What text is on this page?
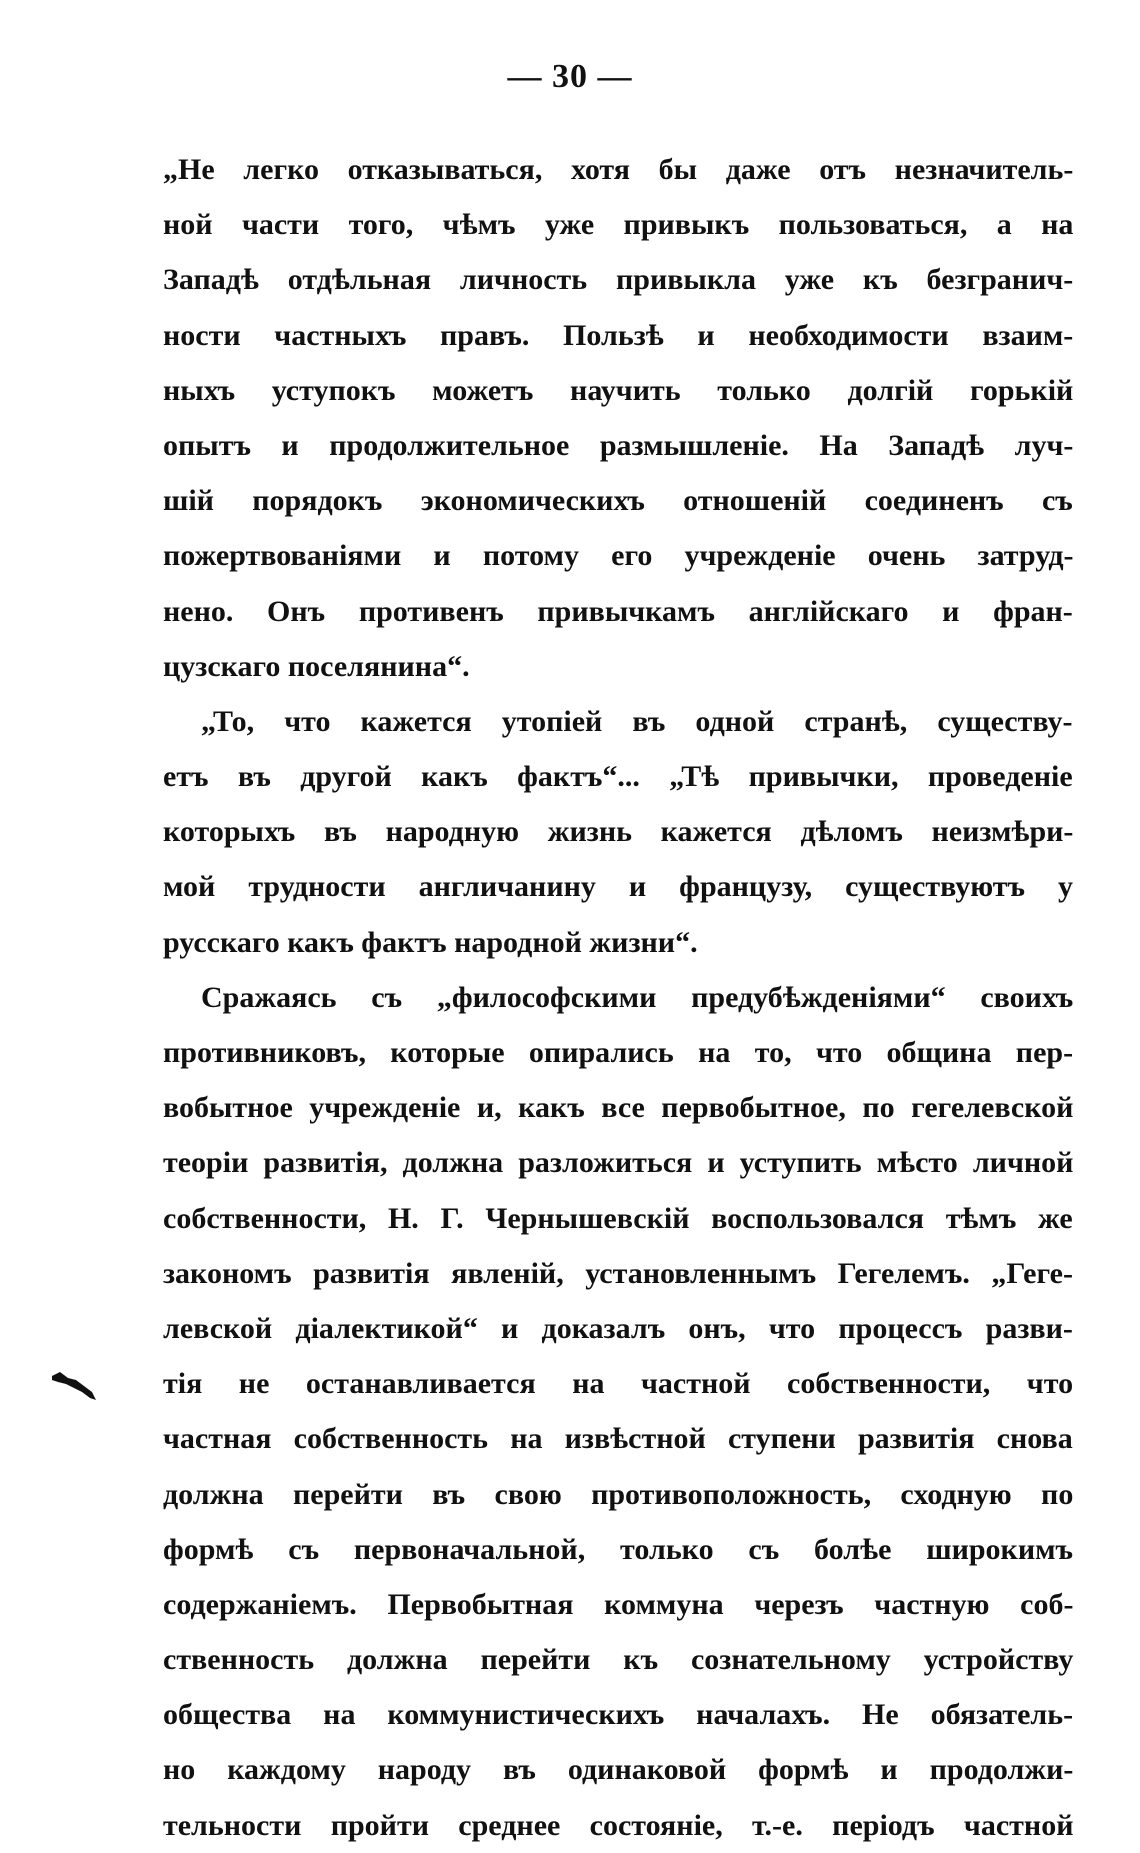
— 30 —
„Не легко отказываться, хотя бы даже отъ незначитель-
ной части того, чѣмъ уже привыкъ пользоваться, а на
Западѣ отдѣльная личность привыкла уже къ безгранич-
ности частныхъ правъ. Пользѣ и необходимости взаим-
ныхъ уступокъ можетъ научить только долгій горькій
опытъ и продолжительное размышленіе. На Западѣ луч-
шій порядокъ экономическихъ отношеній соединенъ съ
пожертвованіями и потому его учрежденіе очень затруд-
нено. Онъ противенъ привычкамъ англійскаго и фран-
цузскаго поселянина“.
„То, что кажется утопіей въ одной странѣ, существу-
етъ въ другой какъ фактъ“... „Тѣ привычки, проведеніе
которыхъ въ народную жизнь кажется дѣломъ неизмѣри-
мой трудности англичанину и французу, существуютъ у
русскаго какъ фактъ народной жизни“.
Сражаясь съ „философскими предубѣжденіями“ своихъ
противниковъ, которые опирались на то, что община пер-
вобытное учрежденіе и, какъ все первобытное, по гегелевской
теоріи развитія, должна разложиться и уступить мѣсто личной
собственности, Н. Г. Чернышевскій воспользовался тѣмъ же
закономъ развитія явленій, установленнымъ Гегелемъ. „Геге-
левской діалектикой“ и доказалъ онъ, что процессъ разви-
тія не останавливается на частной собственности, что
частная собственность на извѣстной ступени развитія снова
должна перейти въ свою противоположность, сходную по
формѣ съ первоначальной, только съ болѣе широкимъ
содержаніемъ. Первобытная коммуна черезъ частную соб-
ственность должна перейти къ сознательному устройству
общества на коммунистическихъ началахъ. Не обязатель-
но каждому народу въ одинаковой формѣ и продолжи-
тельности пройти среднее состояніе, т.-е. періодъ частной
